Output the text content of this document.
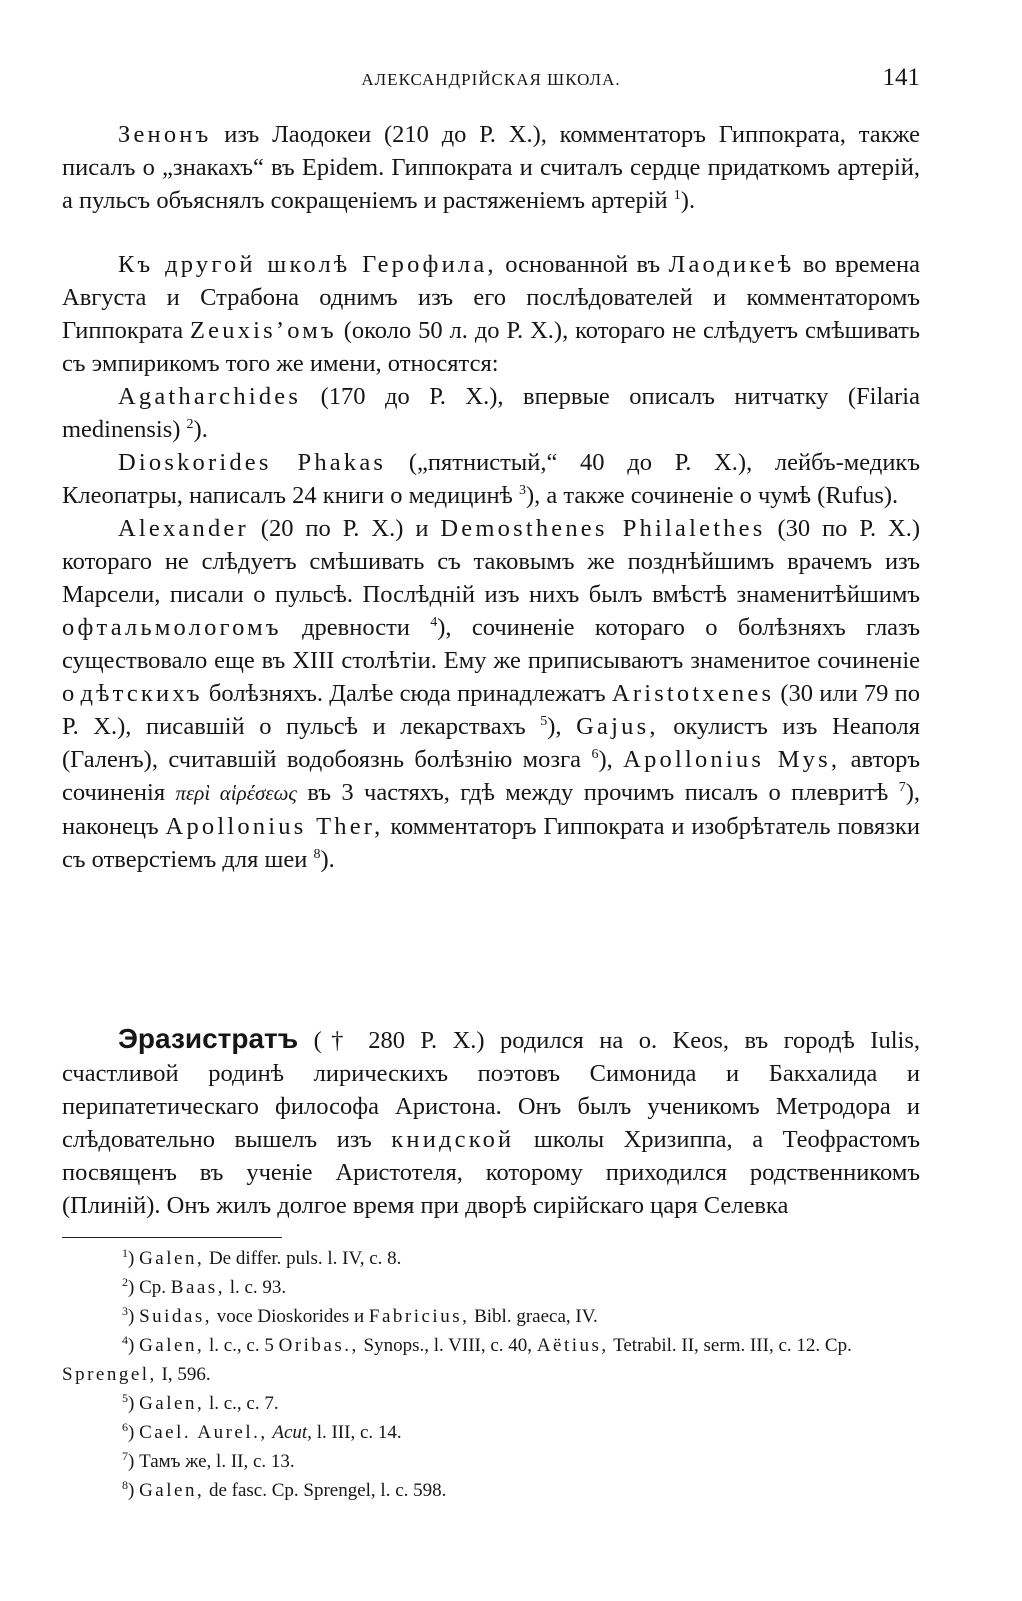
АЛЕКСАНДРІЙСКАЯ ШКОЛА.	141

Зенонъ изъ Лаодокеи (210 до Р. Х.), комментаторъ Гиппократа, также писалъ о „знакахъ“ въ Epidem. Гиппократа и считалъ сердце придаткомъ артерій, а пульсъ объяснялъ сокращеніемъ и растяженіемъ артерій $^1$).

Къ другой школѣ Герофила, основанной въ Лаодикеѣ во времена Августа и Страбона однимъ изъ его послѣдователей и комментаторомъ Гиппократа Zeuxis’омъ (около 50 л. до Р. Х.), котораго не слѣдуетъ смѣшивать съ эмпирикомъ того же имени, относятся:

Agatharchides (170 до Р. Х.), впервые описалъ нитчатку (Filaria medinensis) $^2$).

Dioskorides Phakas („пятнистый,“ 40 до Р. Х.), лейбъ-медикъ Клеопатры, написалъ 24 книги о медицинѣ $^3$), а также сочиненіе о чумѣ (Rufus).

Alexander (20 по Р. Х.) и Demosthenes Philalethes (30 по Р. Х.) котораго не слѣдуетъ смѣшивать съ таковымъ же позднѣйшимъ врачемъ изъ Марсели, писали о пульсѣ. Послѣдній изъ нихъ былъ вмѣстѣ знаменитѣйшимъ офтальмологомъ древности $^4$), сочиненіе котораго о болѣзняхъ глазъ существовало еще въ XIII столѣтіи. Ему же приписываютъ знаменитое сочиненіе о дѣтскихъ болѣзняхъ. Далѣе сюда принадлежатъ Aristotxenes (30 или 79 по Р. Х.), писавшій о пульсѣ и лекарствахъ $^5$), Gajus, окулистъ изъ Неаполя (Галенъ), считавшій водобоязнь болѣзнію мозга $^6$), Apollonius Mys, авторъ сочиненія περὶ αἱρέσεως въ 3 частяхъ, гдѣ между прочимъ писалъ о плевритѣ $^7$), наконецъ Apollonius Ther, комментаторъ Гиппократа и изобрѣтатель повязки съ отверстіемъ для шеи $^8$).

Эразистратъ († 280 Р. Х.) родился на о. Keos, въ городѣ Iulis, счастливой родинѣ лирическихъ поэтовъ Симонида и Бакхалида и перипатетическаго философа Аристона. Онъ былъ ученикомъ Метродора и слѣдовательно вышелъ изъ книдской школы Хризиппа, а Теофрастомъ посвященъ въ ученіе Аристотеля, которому приходился родственникомъ (Плиній). Онъ жилъ долгое время при дворѣ сирійскаго царя Селевка

$^1$) Galen, De differ. puls. l. IV, c. 8.

$^2$) Ср. Baas, l. c. 93.

$^3$) Suidas, voce Dioskorides и Fabricius, Bibl. graeca, IV.

$^4$) Galen, l. c., c. 5 Oribas., Synops., l. VIII, c. 40, Aëtius, Tetrabil. II, serm. III, c. 12. Ср. Sprengel, I, 596.

$^5$) Galen, l. c., c. 7.

$^6$) Cael. Aurel., Acut, l. III, c. 14.

$^7$) Тамъ же, l. II, c. 13.

$^8$) Galen, de fasc. Ср. Sprengel, l. c. 598.
